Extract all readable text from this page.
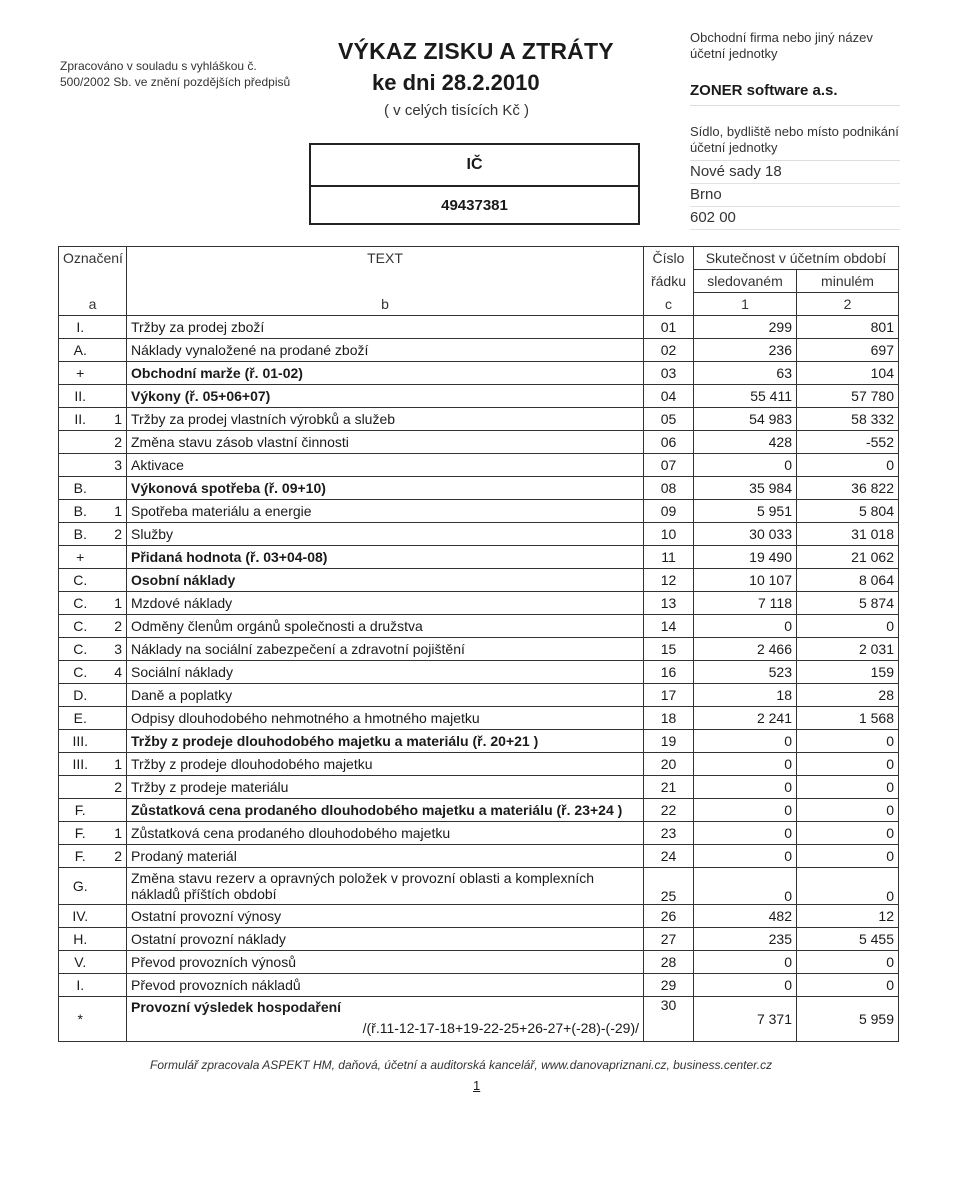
Zpracováno v souladu s vyhláškou č.
500/2002 Sb. ve znění pozdějších předpisů
VÝKAZ ZISKU A ZTRÁTY
ke dni 28.2.2010
( v celých tisících Kč )
IČ
49437381
Obchodní firma nebo jiný název účetní jednotky
ZONER software a.s.
Sídlo, bydliště nebo místo podnikání účetní jednotky
Nové sady 18
Brno
602 00
Označení		TEXT	Číslo	Skutečnost v účetním období	
			řádku	sledovaném	minulém
a		b	c	1	2
I.		Tržby za prodej zboží	01	299	801
A.		Náklady vynaložené na prodané zboží	02	236	697
+		Obchodní marže (ř. 01-02)	03	63	104
II.		Výkony (ř. 05+06+07)	04	55 411	57 780
II.	1	Tržby za prodej vlastních výrobků a služeb	05	54 983	58 332
	2	Změna stavu zásob vlastní činnosti	06	428	-552
	3	Aktivace	07	0	0
B.		Výkonová spotřeba (ř. 09+10)	08	35 984	36 822
B.	1	Spotřeba materiálu a energie	09	5 951	5 804
B.	2	Služby	10	30 033	31 018
+		Přidaná hodnota (ř. 03+04-08)	11	19 490	21 062
C.		Osobní náklady	12	10 107	8 064
C.	1	Mzdové náklady	13	7 118	5 874
C.	2	Odměny členům orgánů společnosti a družstva	14	0	0
C.	3	Náklady na sociální zabezpečení a zdravotní pojištění	15	2 466	2 031
C.	4	Sociální náklady	16	523	159
D.		Daně a poplatky	17	18	28
E.		Odpisy dlouhodobého nehmotného a hmotného majetku	18	2 241	1 568
III.		Tržby z prodeje dlouhodobého majetku a materiálu (ř. 20+21 )	19	0	0
III.	1	Tržby z prodeje dlouhodobého majetku	20	0	0
	2	Tržby z prodeje materiálu	21	0	0
F.		Zůstatková cena prodaného dlouhodobého majetku a materiálu (ř. 23+24 )	22	0	0
F.	1	Zůstatková cena prodaného dlouhodobého majetku	23	0	0
F.	2	Prodaný materiál	24	0	0
G.		Změna stavu rezerv a opravných položek v provozní oblasti a komplexních nákladů příštích období	25	0	0
IV.		Ostatní provozní výnosy	26	482	12
H.		Ostatní provozní náklady	27	235	5 455
V.		Převod provozních výnosů	28	0	0
I.		Převod provozních nákladů	29	0	0
*		Provozní výsledek hospodaření
/(ř.11-12-17-18+19-22-25+26-27+(-28)-(-29)/	30	7 371	5 959
Formulář zpracovala ASPEKT HM, daňová, účetní a auditorská kancelář, www.danovapriznani.cz, business.center.cz
1
